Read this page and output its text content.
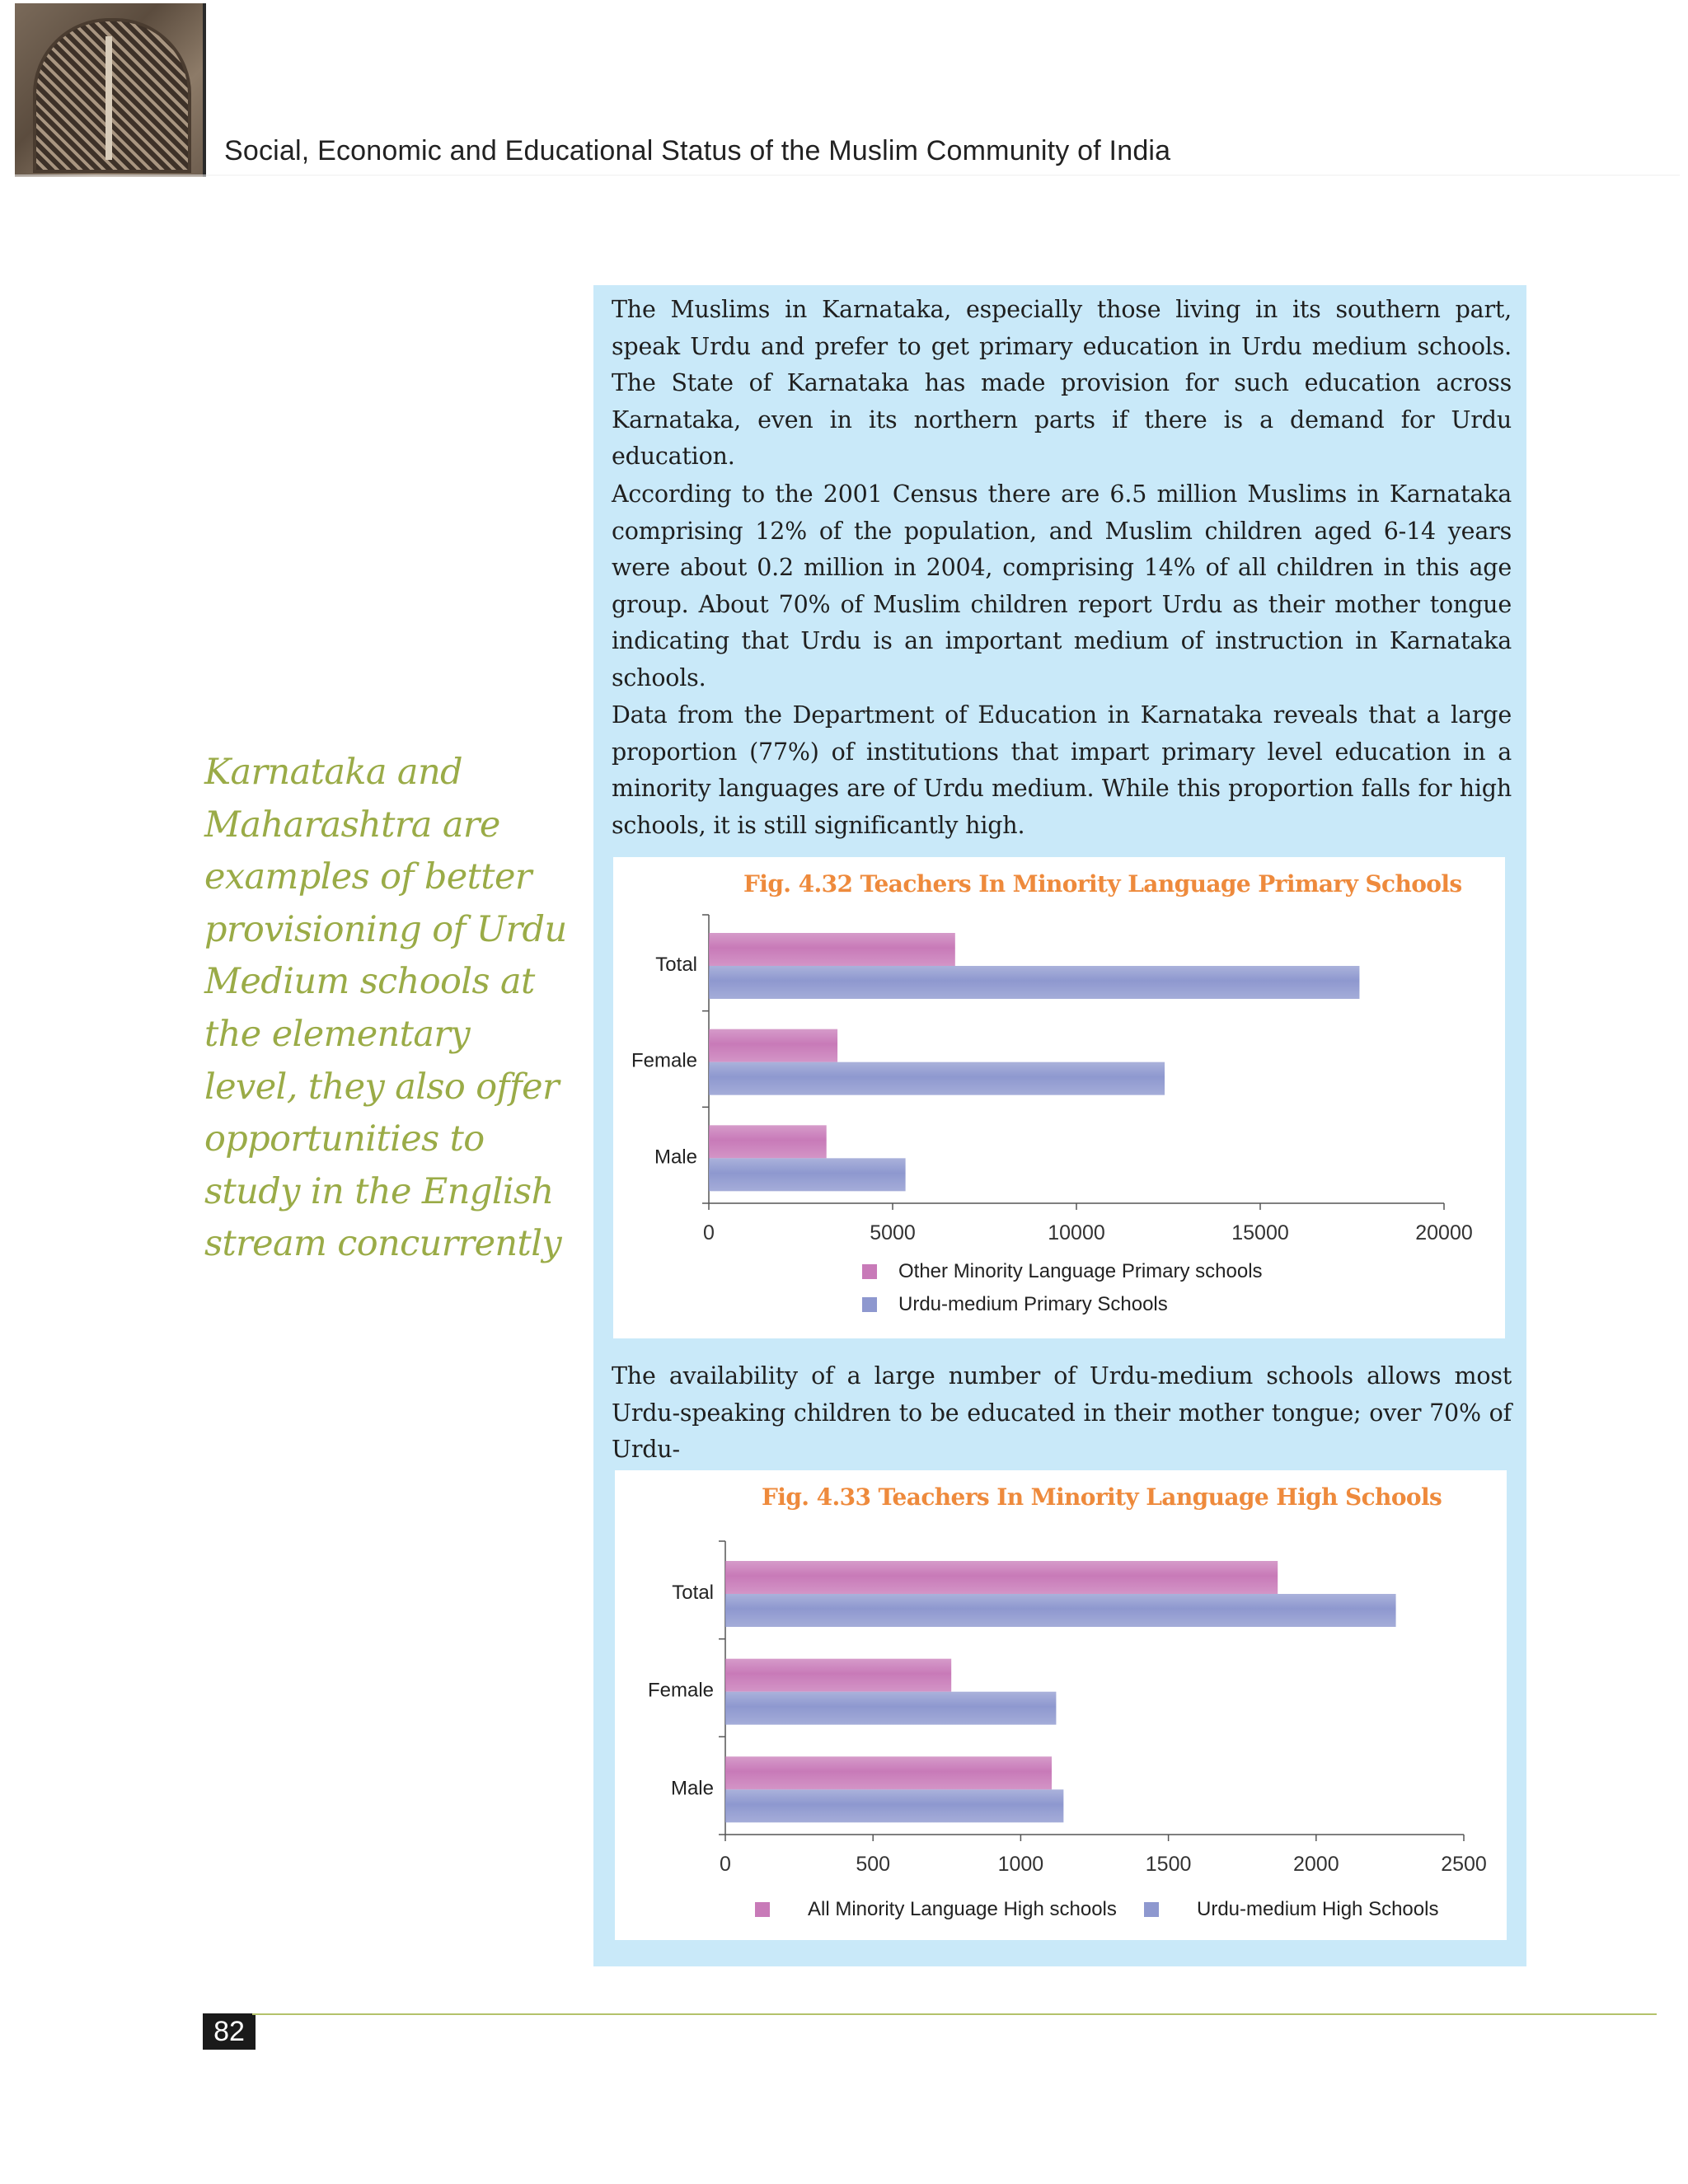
Social, Economic and Educational Status of the Muslim Community of India

The Muslims in Karnataka, especially those living in its southern part, speak Urdu and prefer to get primary education in Urdu medium schools. The State of Karnataka has made provision for such education across Karnataka, even in its northern parts if there is a demand for Urdu education.

According to the 2001 Census there are 6.5 million Muslims in Karnataka comprising 12% of the population, and Muslim children aged 6-14 years were about 0.2 million in 2004, comprising 14% of all children in this age group. About 70% of Muslim children report Urdu as their mother tongue indicating that Urdu is an important medium of instruction in Karnataka schools.

Data from the Department of Education in Karnataka reveals that a large proportion (77%) of institutions that impart primary level education in a minority languages are of Urdu medium. While this proportion falls for high schools, it is still significantly high.

Karnataka and Maharashtra are examples of better provisioning of Urdu Medium schools at the elementary level, they also offer opportunities to study in the English stream concurrently

Fig. 4.32 Teachers In Minority Language Primary Schools
0	5000	10000	15000	20000
Total
Female
Male
Other Minority Language Primary schools
Urdu-medium Primary Schools

The availability of a large number of Urdu-medium schools allows most Urdu-speaking children to be educated in their mother tongue; over 70% of Urdu-

Fig. 4.33 Teachers In Minority Language High Schools
0	500	1000	1500	2000	2500
Total
Female
Male
All Minority Language High schools	Urdu-medium High Schools
82
